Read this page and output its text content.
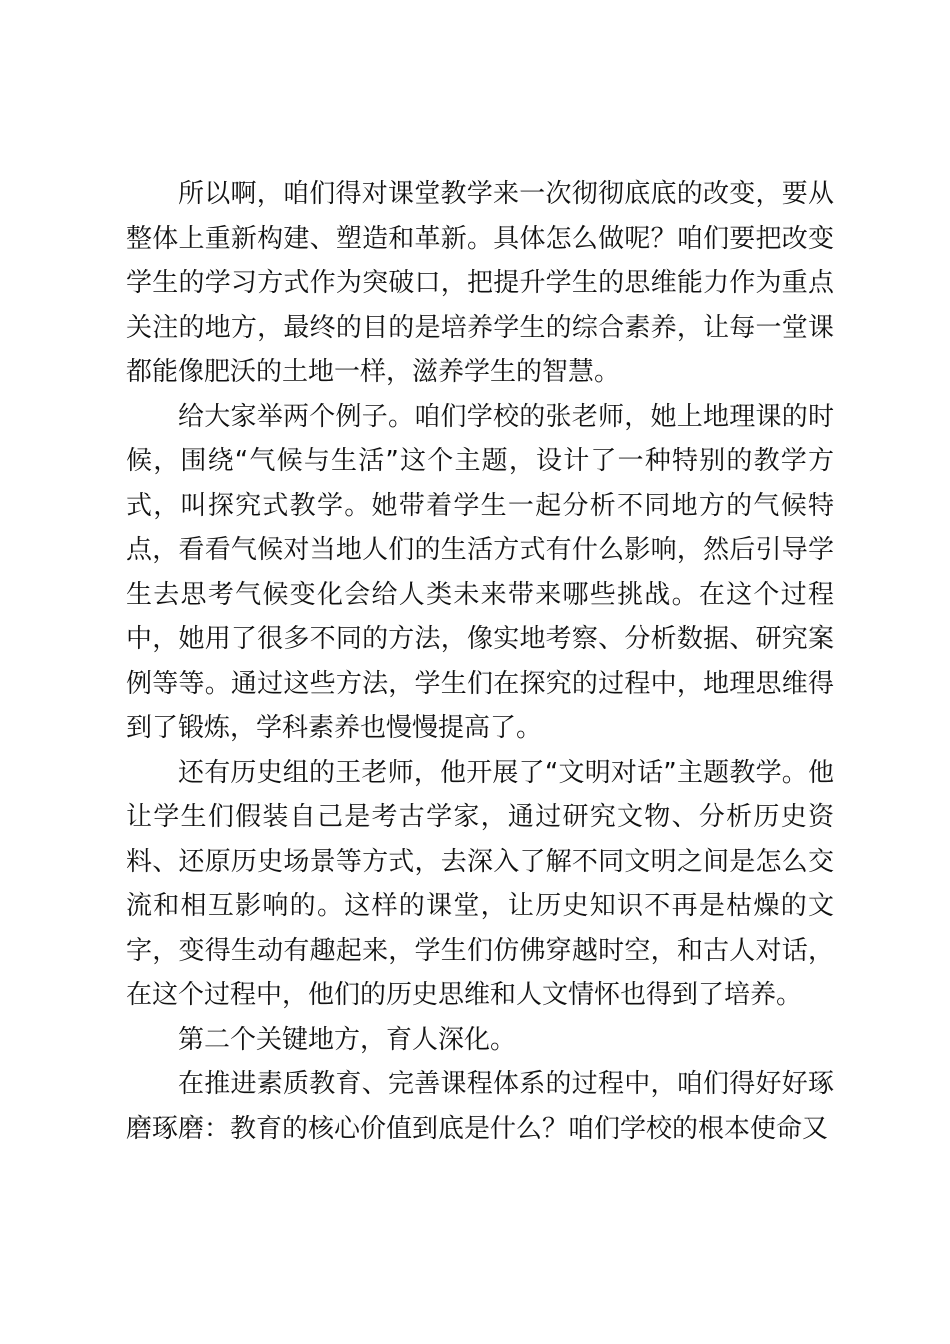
所以啊，咱们得对课堂教学来一次彻彻底底的改变，要从整体上重新构建、塑造和革新。具体怎么做呢？咱们要把改变学生的学习方式作为突破口，把提升学生的思维能力作为重点关注的地方，最终的目的是培养学生的综合素养，让每一堂课都能像肥沃的土地一样，滋养学生的智慧。

给大家举两个例子。咱们学校的张老师，她上地理课的时候，围绕“气候与生活”这个主题，设计了一种特别的教学方式，叫探究式教学。她带着学生一起分析不同地方的气候特点，看看气候对当地人们的生活方式有什么影响，然后引导学生去思考气候变化会给人类未来带来哪些挑战。在这个过程中，她用了很多不同的方法，像实地考察、分析数据、研究案例等等。通过这些方法，学生们在探究的过程中，地理思维得到了锻炼，学科素养也慢慢提高了。

还有历史组的王老师，他开展了“文明对话”主题教学。他让学生们假装自己是考古学家，通过研究文物、分析历史资料、还原历史场景等方式，去深入了解不同文明之间是怎么交流和相互影响的。这样的课堂，让历史知识不再是枯燥的文字，变得生动有趣起来，学生们仿佛穿越时空，和古人对话，在这个过程中，他们的历史思维和人文情怀也得到了培养。

第二个关键地方，育人深化。

在推进素质教育、完善课程体系的过程中，咱们得好好琢磨琢磨：教育的核心价值到底是什么？咱们学校的根本使命又
